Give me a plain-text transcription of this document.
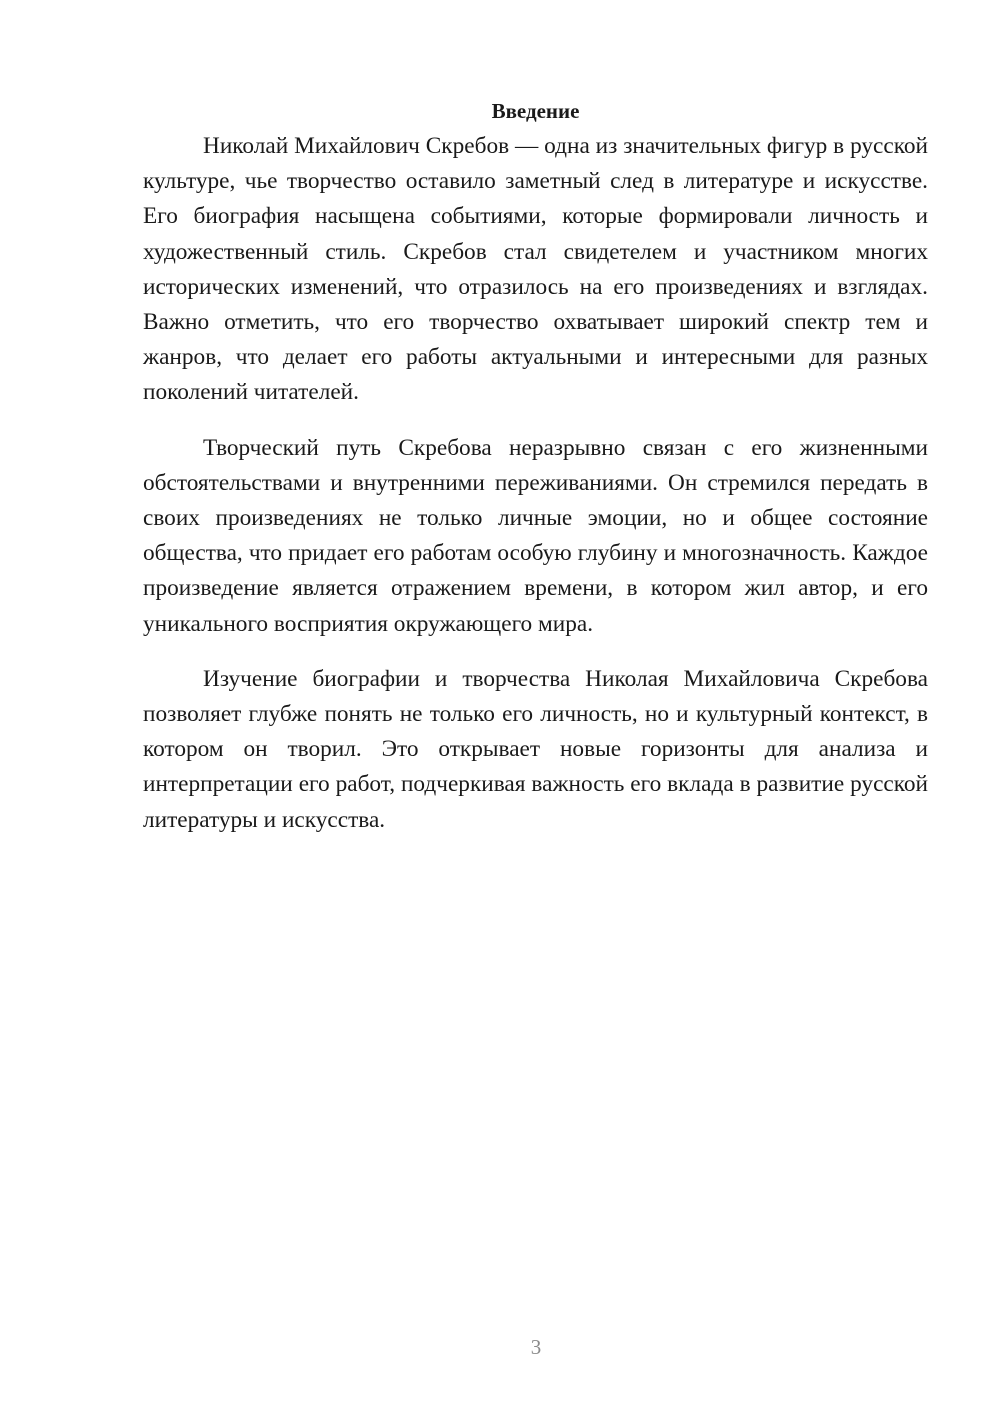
Введение

Николай Михайлович Скребов — одна из значительных фигур в русской культуре, чье творчество оставило заметный след в литературе и искусстве. Его биография насыщена событиями, которые формировали личность и художественный стиль. Скребов стал свидетелем и участником многих исторических изменений, что отразилось на его произведениях и взглядах. Важно отметить, что его творчество охватывает широкий спектр тем и жанров, что делает его работы актуальными и интересными для разных поколений читателей.

Творческий путь Скребова неразрывно связан с его жизненными обстоятельствами и внутренними переживаниями. Он стремился передать в своих произведениях не только личные эмоции, но и общее состояние общества, что придает его работам особую глубину и многозначность. Каждое произведение является отражением времени, в котором жил автор, и его уникального восприятия окружающего мира.

Изучение биографии и творчества Николая Михайловича Скребова позволяет глубже понять не только его личность, но и культурный контекст, в котором он творил. Это открывает новые горизонты для анализа и интерпретации его работ, подчеркивая важность его вклада в развитие русской литературы и искусства.

3
